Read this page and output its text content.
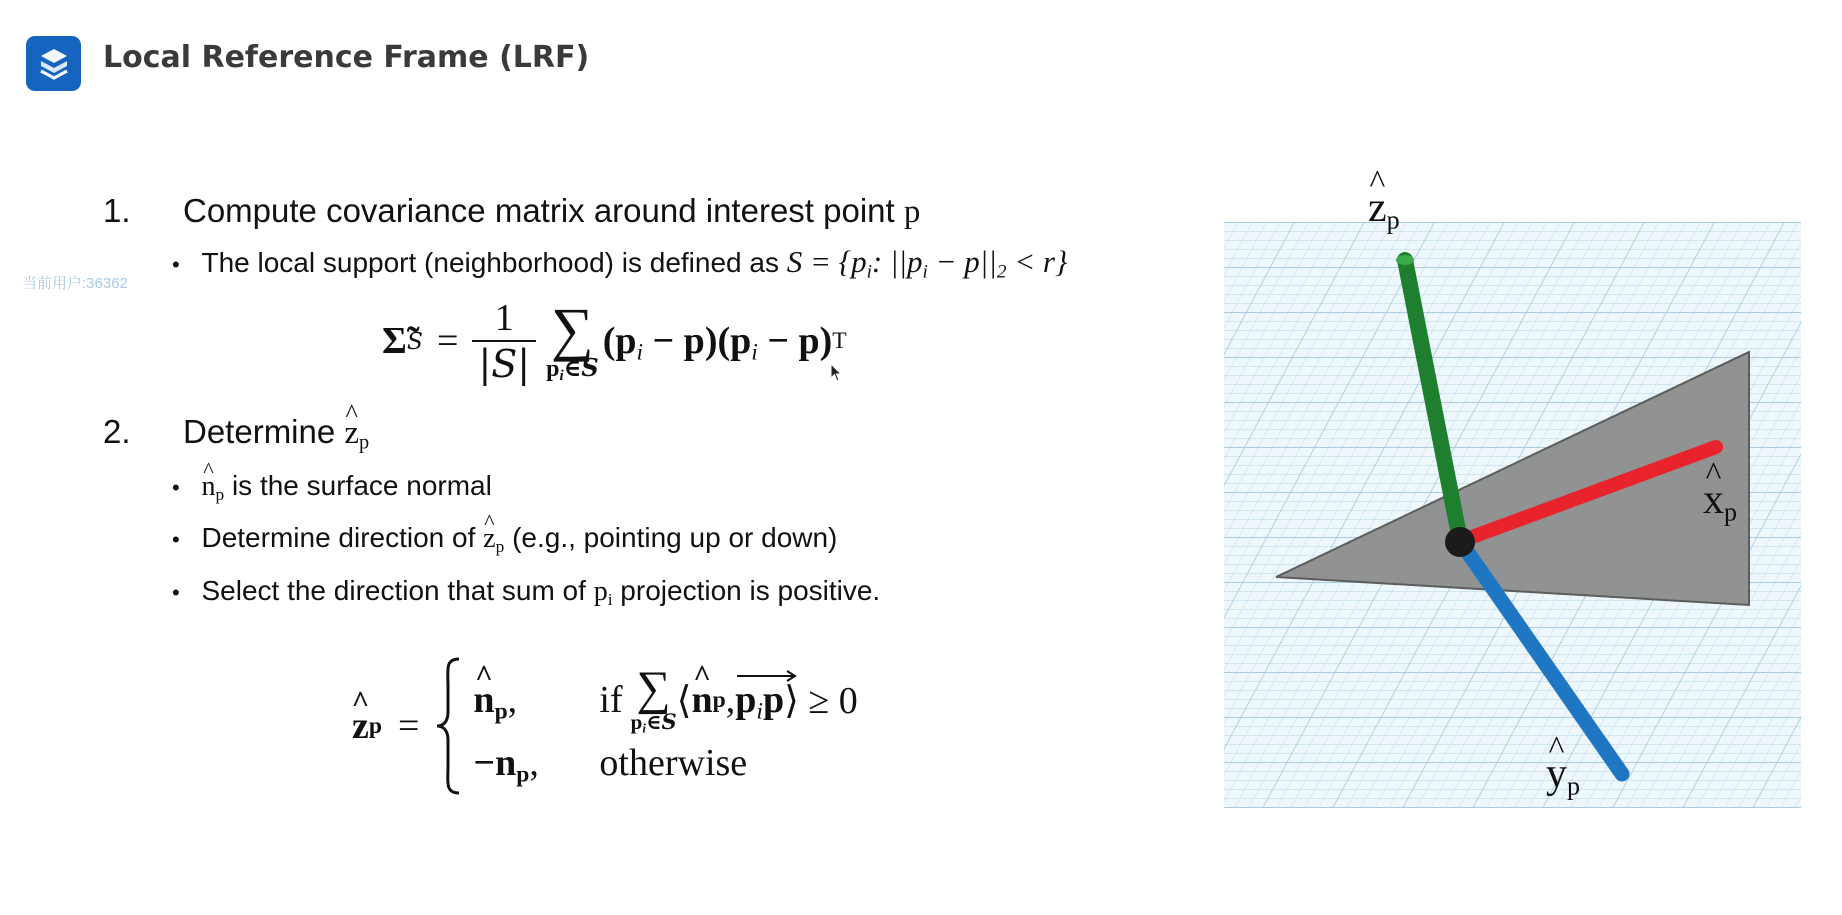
Local Reference Frame (LRF)
当前用户:36362
1. Compute covariance matrix around interest point p
• The local support (neighborhood) is defined as $S = \{p_i$: $||p_i - p||_2 < r$}
Σ̃ $S = \frac{1}{|S|}$ ∑
$p_i\in S$
$(p_i - p)(p_i - p)$ T
2. Determine ^ $z_p$
• ^ $n_p$ is the surface normal
• Determine direction of ^ $z_p$ (e.g., pointing up or down)
• Select the direction that sum of $p_i$ projection is positive.
^ z p =
^ $n_p$,	if ∑
$p_i\in S$ ⟨ ^ n p , $p_ip$ ⟩ ≥ 0
$-n_p$,	otherwise
^ $z_p$
^ $x_p$
^ $y_p$
